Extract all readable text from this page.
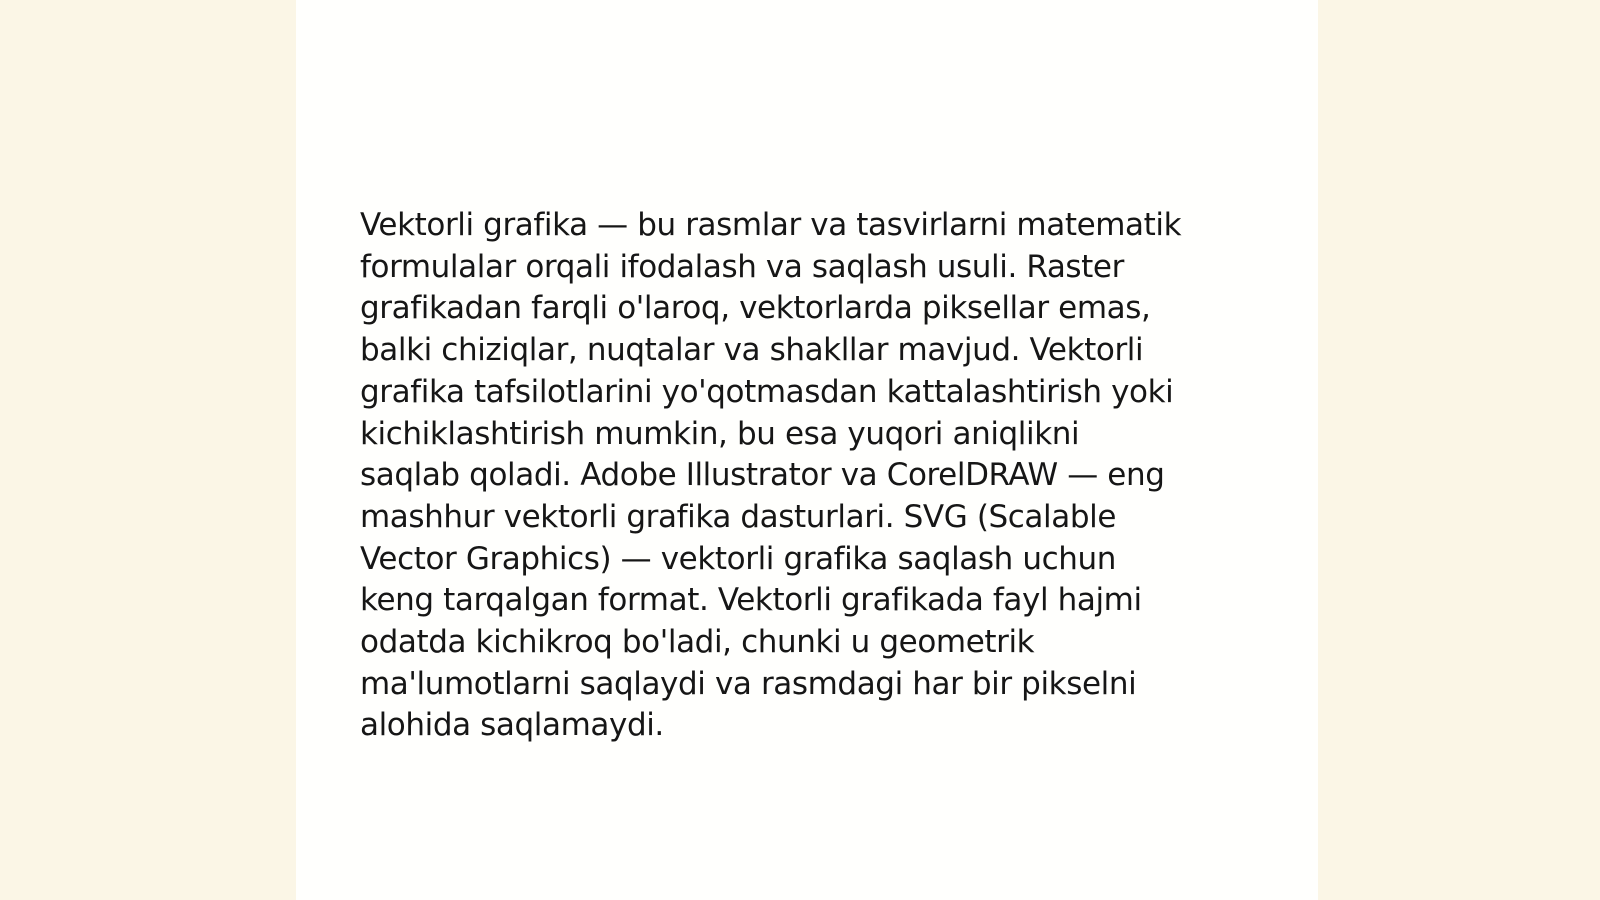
Vektorli grafika — bu rasmlar va tasvirlarni matematik
formulalar orqali ifodalash va saqlash usuli. Raster
grafikadan farqli o'laroq, vektorlarda piksellar emas,
balki chiziqlar, nuqtalar va shakllar mavjud. Vektorli
grafika tafsilotlarini yo'qotmasdan kattalashtirish yoki
kichiklashtirish mumkin, bu esa yuqori aniqlikni
saqlab qoladi. Adobe Illustrator va CorelDRAW — eng
mashhur vektorli grafika dasturlari. SVG (Scalable
Vector Graphics) — vektorli grafika saqlash uchun
keng tarqalgan format. Vektorli grafikada fayl hajmi
odatda kichikroq bo'ladi, chunki u geometrik
ma'lumotlarni saqlaydi va rasmdagi har bir pikselni
alohida saqlamaydi.
